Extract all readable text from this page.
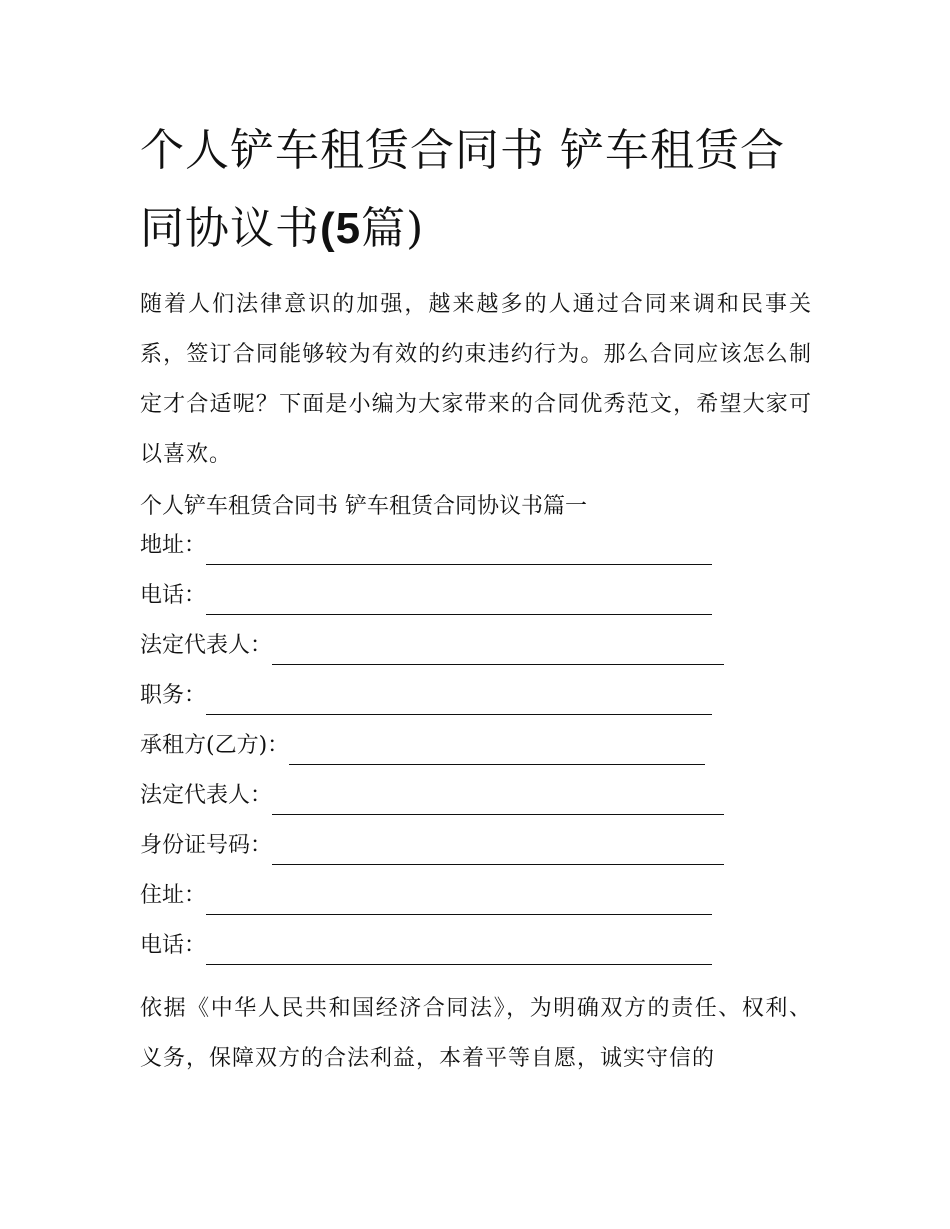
个人铲车租赁合同书 铲车租赁合同协议书(5篇)

随着人们法律意识的加强，越来越多的人通过合同来调和民事关系，签订合同能够较为有效的约束违约行为。那么合同应该怎么制定才合适呢？下面是小编为大家带来的合同优秀范文，希望大家可以喜欢。

个人铲车租赁合同书 铲车租赁合同协议书篇一

地址：
电话：
法定代表人：
职务：
承租方(乙方)：
法定代表人：
身份证号码：
住址：
电话：

依据《中华人民共和国经济合同法》，为明确双方的责任、权利、义务，保障双方的合法利益，本着平等自愿，诚实守信的
